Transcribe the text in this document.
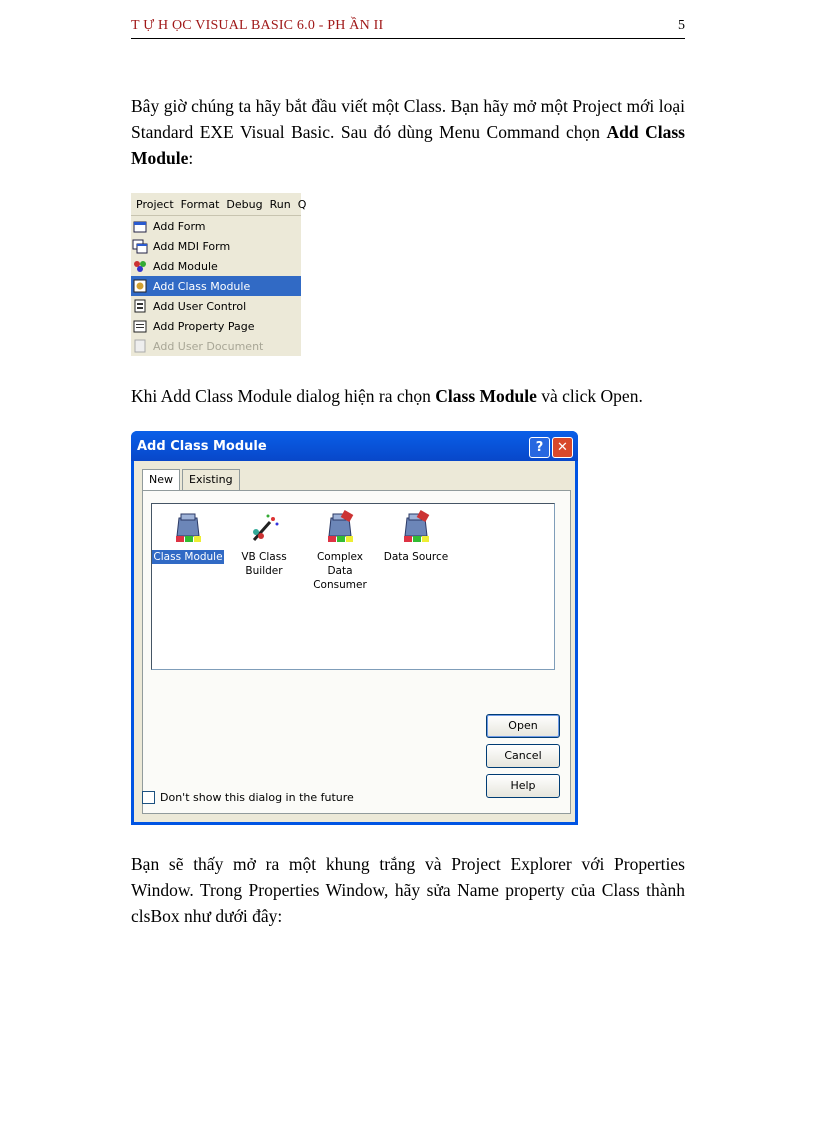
T Ự H ỌC VISUAL BASIC 6.0 - PH ẦN II	5
Bây giờ chúng ta hãy bắt đầu viết một Class. Bạn hãy mở một Project mới loại Standard EXE Visual Basic. Sau đó dùng Menu Command chọn Add Class Module:
Project Format Debug Run Q
Add Form
Add MDI Form
Add Module
Add Class Module
Add User Control
Add Property Page
Add User Document
Khi Add Class Module dialog hiện ra chọn Class Module và click Open.
Add Class Module	?	✕
New	Existing
Class Module	VB Class Builder
Complex Data Consumer
Data Source
Open
Cancel
Help
Don't show this dialog in the future
Bạn sẽ thấy mở ra một khung trắng và Project Explorer với Properties Window. Trong Properties Window, hãy sửa Name property của Class thành clsBox như dưới đây:
